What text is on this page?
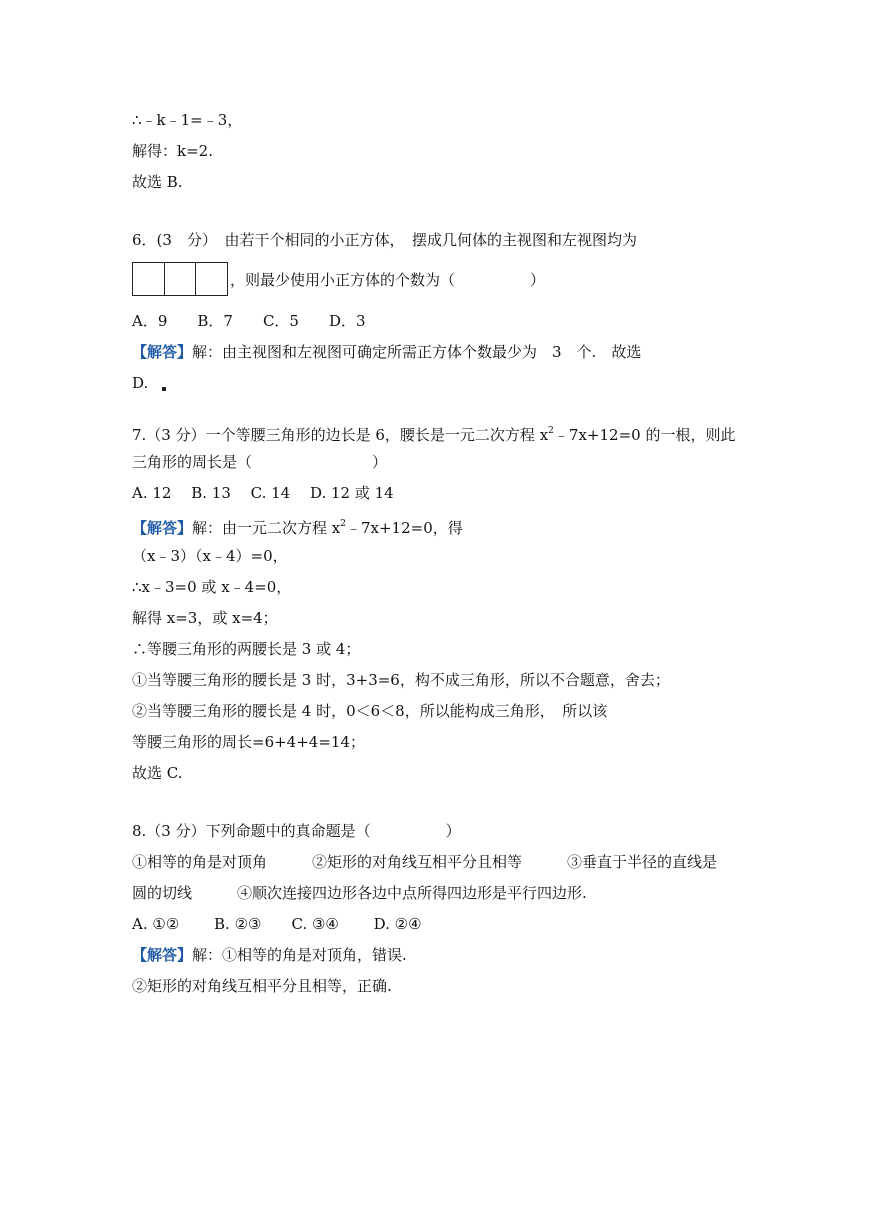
∴﹣k﹣1=﹣3，
解得：k=2.
故选 B.
6．(3　分）　由若干个相同的小正方体，　摆成几何体的主视图和左视图均为
，则最少使用小正方体的个数为（　　　　　）
A．9　　B．7　　C．5　　D．3
【解答】解：由主视图和左视图可确定所需正方体个数最少为　3　个.　故选
D.
7.（3 分）一个等腰三角形的边长是 6，腰长是一元二次方程 $x^2﹣7x+12=0$ 的一根，则此
三角形的周长是（　　　　　　　　）
A. 12　 B. 13　 C. 14　 D. 12 或 14
【解答】解：由一元二次方程 $x^2﹣7x+12=0$，得
（x﹣3）（x﹣4）=0，
∴x﹣3=0 或 x﹣4=0，
解得 x=3，或 x=4；
∴等腰三角形的两腰长是 3 或 4；
①当等腰三角形的腰长是 3 时，3+3=6，构不成三角形，所以不合题意，舍去；
②当等腰三角形的腰长是 4 时，0＜6＜8，所以能构成三角形，　所以该
等腰三角形的周长=6+4+4=14；
故选 C.
8.（3 分）下列命题中的真命题是（　　　　　）
①相等的角是对顶角　　　②矩形的对角线互相平分且相等　　　③垂直于半径的直线是
圆的切线　　　④顺次连接四边形各边中点所得四边形是平行四边形.
A. ①②　　 B. ②③　　C. ③④　　 D. ②④
【解答】解：①相等的角是对顶角，错误.
②矩形的对角线互相平分且相等，正确.
